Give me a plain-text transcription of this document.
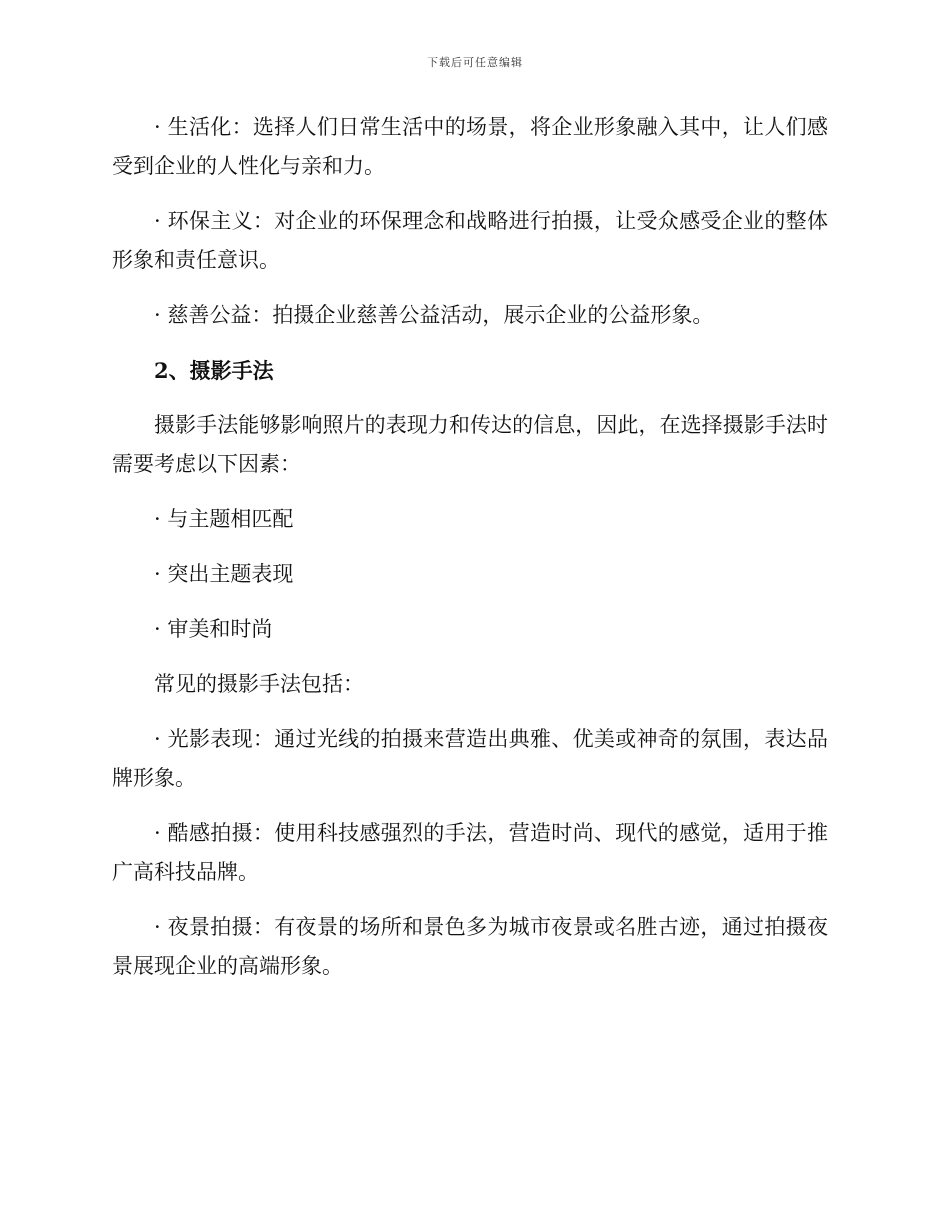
下载后可任意编辑

· 生活化：选择人们日常生活中的场景，将企业形象融入其中，让人们感受到企业的人性化与亲和力。

· 环保主义：对企业的环保理念和战略进行拍摄，让受众感受企业的整体形象和责任意识。

· 慈善公益：拍摄企业慈善公益活动，展示企业的公益形象。

2、摄影手法

摄影手法能够影响照片的表现力和传达的信息，因此，在选择摄影手法时需要考虑以下因素：

· 与主题相匹配

· 突出主题表现

· 审美和时尚

常见的摄影手法包括：

· 光影表现：通过光线的拍摄来营造出典雅、优美或神奇的氛围，表达品牌形象。

· 酷感拍摄：使用科技感强烈的手法，营造时尚、现代的感觉，适用于推广高科技品牌。

· 夜景拍摄：有夜景的场所和景色多为城市夜景或名胜古迹，通过拍摄夜景展现企业的高端形象。
